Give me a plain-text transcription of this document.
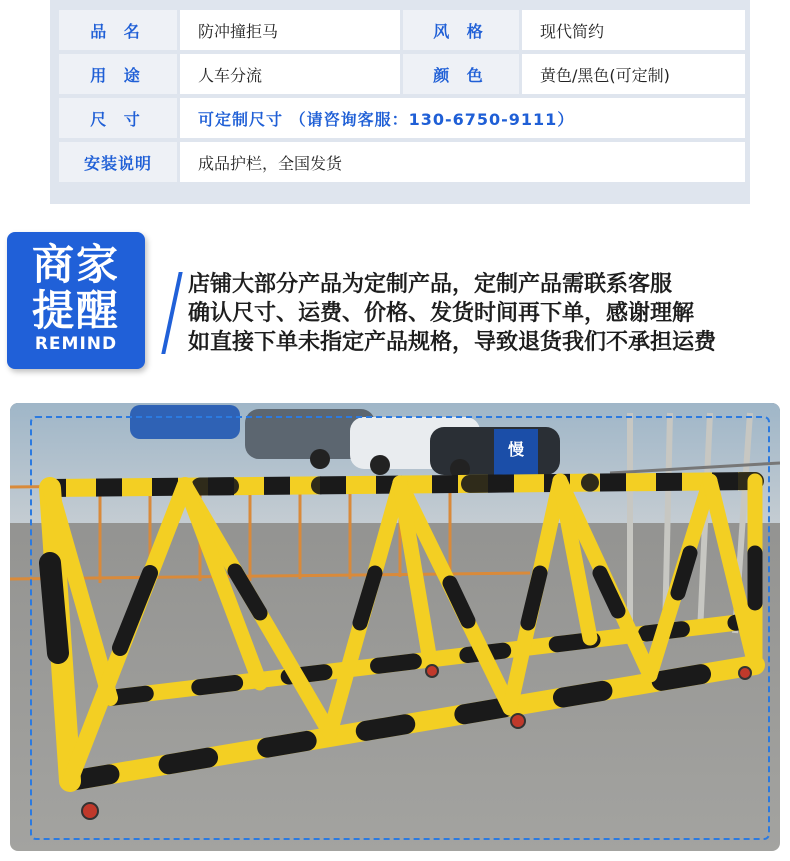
品 名	防冲撞拒马	风 格	现代简约
用 途	人车分流	颜 色	黄色/黑色(可定制)
尺 寸	可定制尺寸 （请咨询客服：130-6750-9111）
安装说明	成品护栏，全国发货
商家
提醒
REMIND
店铺大部分产品为定制产品，定制产品需联系客服
确认尺寸、运费、价格、发货时间再下单，感谢理解
如直接下单未指定产品规格，导致退货我们不承担运费
慢
